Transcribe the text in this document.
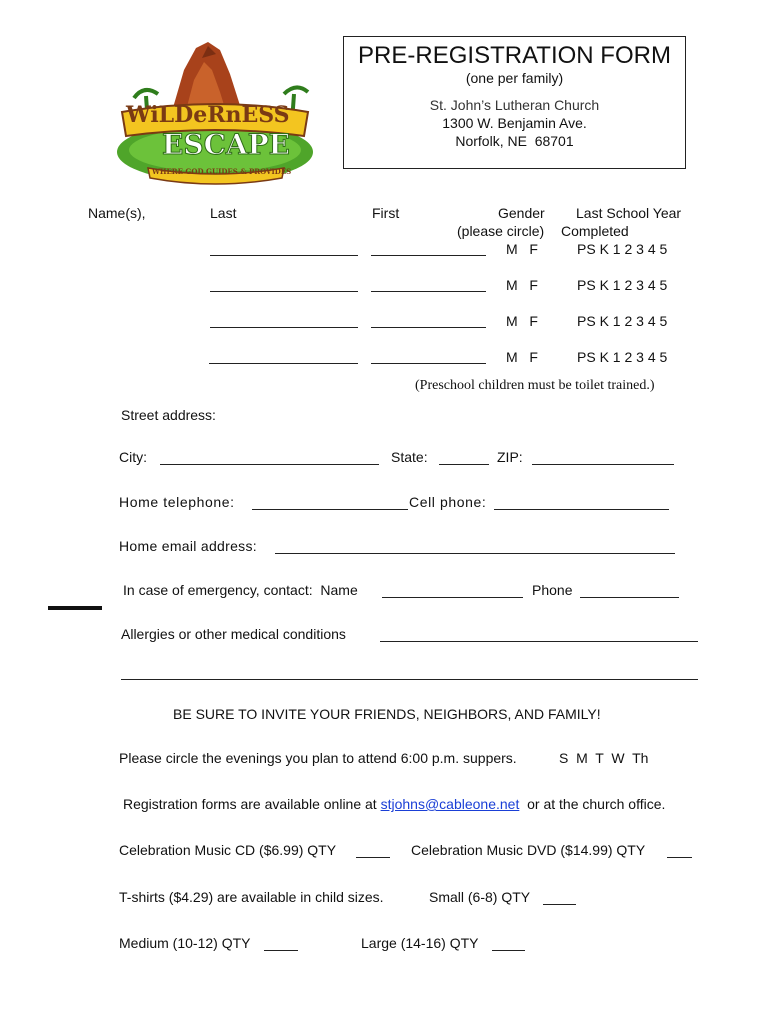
WiLDeRnESS
ESCAPE
WHERE GOD GUIDES & PROVIDES
PRE-REGISTRATION FORM
(one per family)
St. John’s Lutheran Church
1300 W. Benjamin Ave.
Norfolk, NE  68701
Name(s),	Last	First	Gender
(please circle)
Last School Year
Completed
M   F	PS K 1 2 3 4 5
M   F	PS K 1 2 3 4 5
M   F	PS K 1 2 3 4 5
M   F	PS K 1 2 3 4 5
(Preschool children must be toilet trained.)
Street address:
City:	State:	ZIP:
Home telephone:	Cell phone:
Home email address:
In case of emergency, contact:  Name	Phone
Allergies or other medical conditions
BE SURE TO INVITE YOUR FRIENDS, NEIGHBORS, AND FAMILY!
Please circle the evenings you plan to attend 6:00 p.m. suppers.	S  M  T  W  Th
Registration forms are available online at stjohns@cableone.net or at the church office.
Celebration Music CD ($6.99) QTY	Celebration Music DVD ($14.99) QTY
T-shirts ($4.29) are available in child sizes.	Small (6-8) QTY
Medium (10-12) QTY	Large (14-16) QTY
